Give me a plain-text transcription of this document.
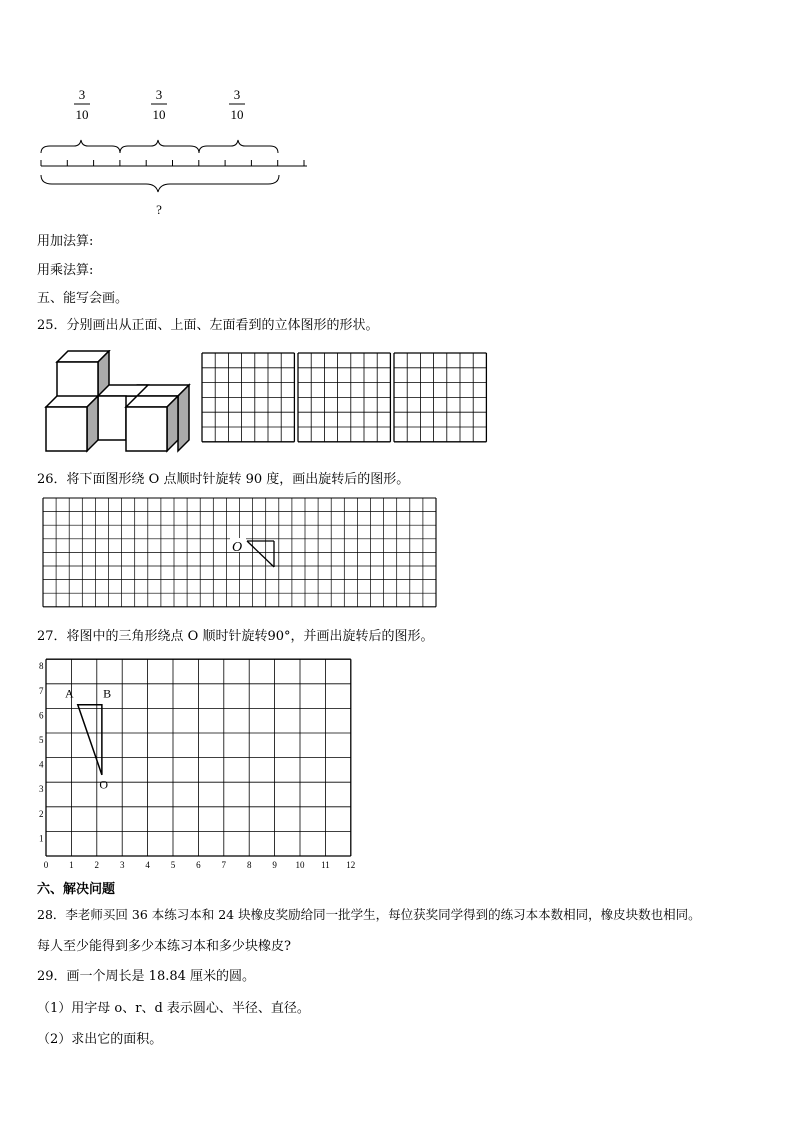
3
10
3
10
3
10
?
用加法算:
用乘法算:
五、能写会画。
25．分别画出从正面、上面、左面看到的立体图形的形状。
26．将下面图形绕 O 点顺时针旋转 90 度，画出旋转后的图形。
O
27．将图中的三角形绕点 O 顺时针旋转90°，并画出旋转后的图形。
0 1 2 3 4 5 6 7 8 9 10 11 12
1
2
3
4
5
6
7
8
A B
O
六、解决问题
28．李老师买回 36 本练习本和 24 块橡皮奖励给同一批学生，每位获奖同学得到的练习本本数相同，橡皮块数也相同。
每人至少能得到多少本练习本和多少块橡皮?
29．画一个周长是 18.84 厘米的圆。
（1）用字母 o、r、d 表示圆心、半径、直径。
（2）求出它的面积。
